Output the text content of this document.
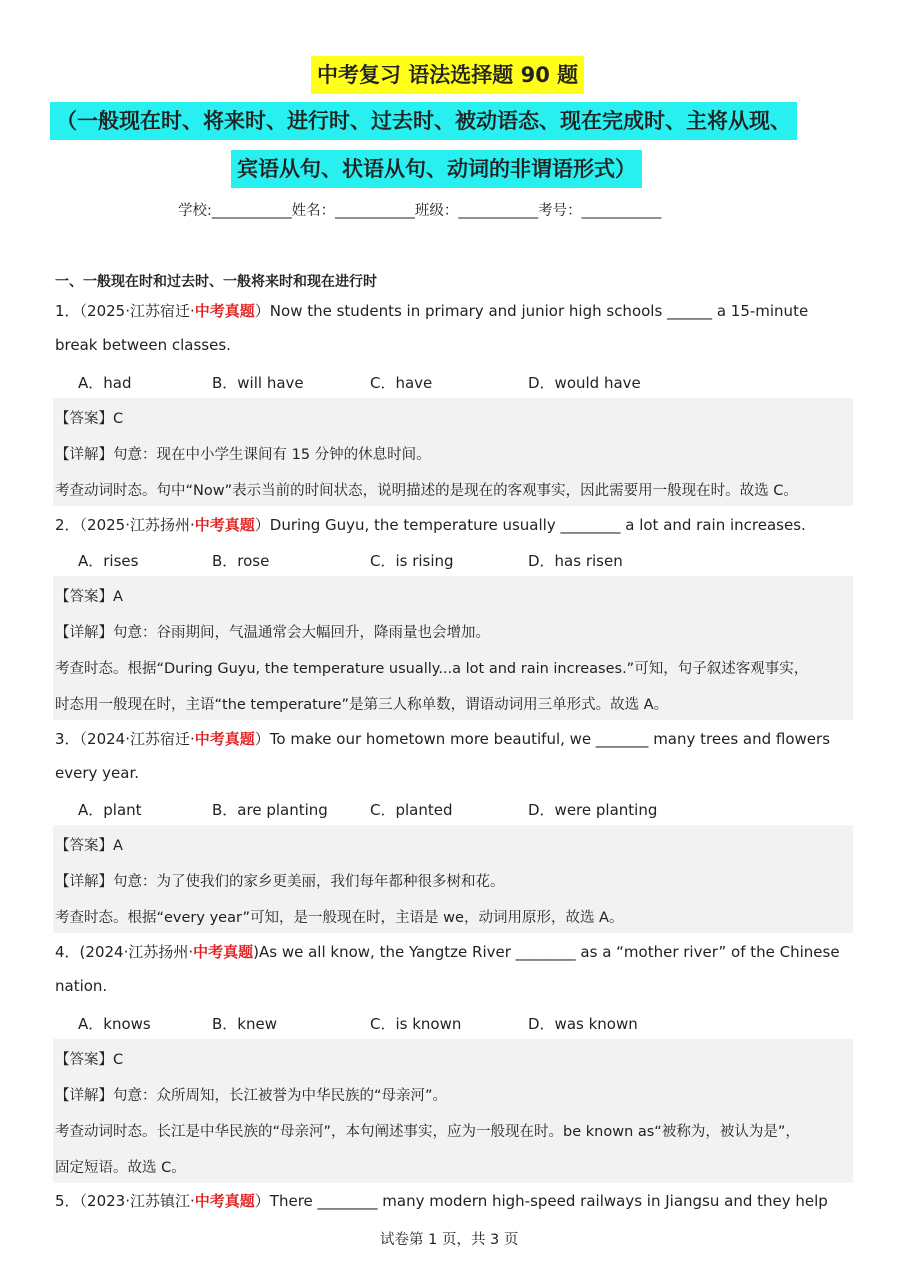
中考复习 语法选择题 90 题
（一般现在时、将来时、进行时、过去时、被动语态、现在完成时、主将从现、
宾语从句、状语从句、动词的非谓语形式）
学校:___________姓名：___________班级：___________考号：___________
一、一般现在时和过去时、一般将来时和现在进行时
1．（2025·江苏宿迁·中考真题）Now the students in primary and junior high schools ______ a 15-minute
break between classes.
A．had	B．will have	C．have	D．would have
【答案】C
【详解】句意：现在中小学生课间有 15 分钟的休息时间。
考查动词时态。句中“Now”表示当前的时间状态，说明描述的是现在的客观事实，因此需要用一般现在时。故选 C。
2．（2025·江苏扬州·中考真题）During Guyu, the temperature usually ________ a lot and rain increases.
A．rises	B．rose	C．is rising	D．has risen
【答案】A
【详解】句意：谷雨期间，气温通常会大幅回升，降雨量也会增加。
考查时态。根据“During Guyu, the temperature usually...a lot and rain increases.”可知，句子叙述客观事实，
时态用一般现在时，主语“the temperature”是第三人称单数，谓语动词用三单形式。故选 A。
3．（2024·江苏宿迁·中考真题）To make our hometown more beautiful, we _______ many trees and flowers
every year.
A．plant	B．are planting	C．planted	D．were planting
【答案】A
【详解】句意：为了使我们的家乡更美丽，我们每年都种很多树和花。
考查时态。根据“every year”可知，是一般现在时，主语是 we，动词用原形，故选 A。
4．(2024·江苏扬州·中考真题)As we all know, the Yangtze River ________ as a “mother river” of the Chinese
nation.
A．knows	B．knew	C．is known	D．was known
【答案】C
【详解】句意：众所周知，长江被誉为中华民族的“母亲河”。
考查动词时态。长江是中华民族的“母亲河”，本句阐述事实，应为一般现在时。be known as“被称为，被认为是”，
固定短语。故选 C。
5．（2023·江苏镇江·中考真题）There ________ many modern high-speed railways in Jiangsu and they help
试卷第 1 页，共 3 页
